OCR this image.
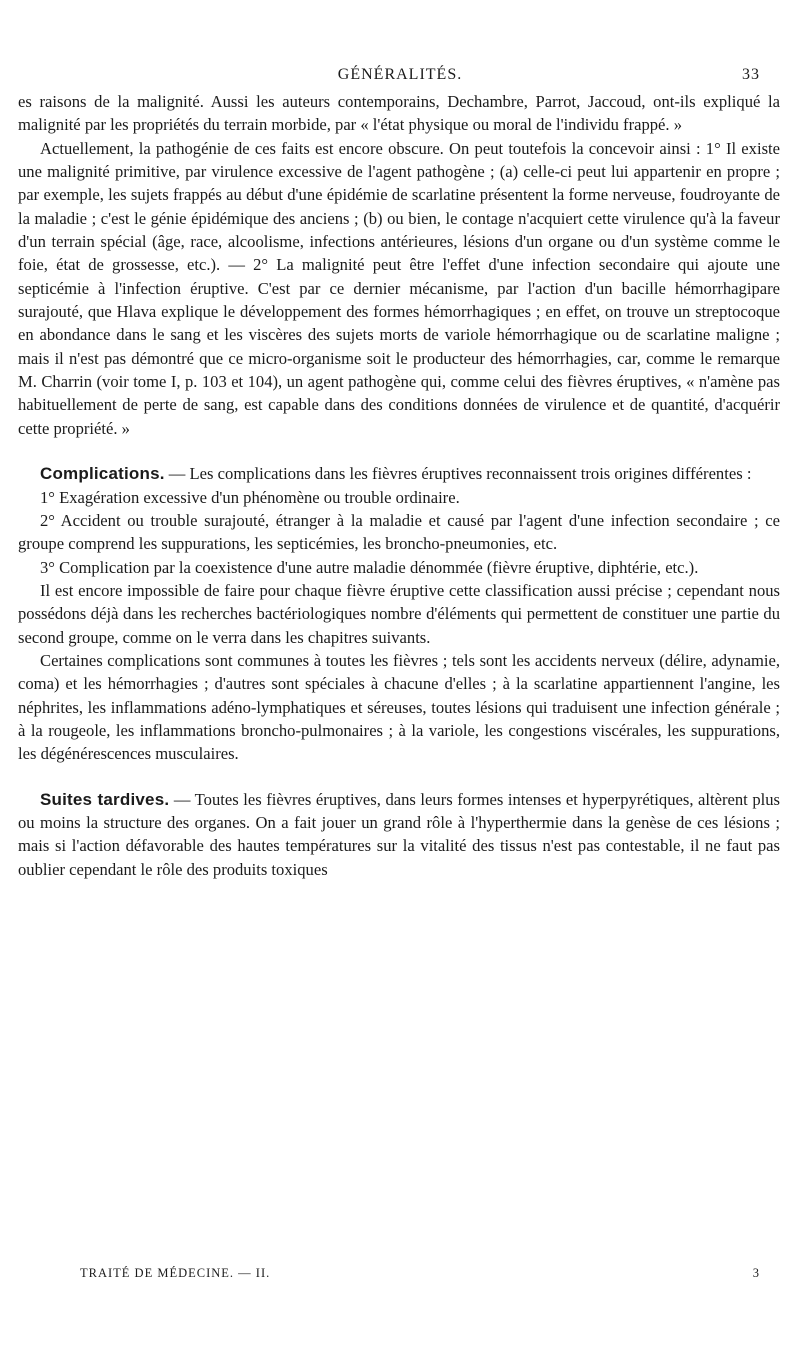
GÉNÉRALITÉS.	33

es raisons de la malignité. Aussi les auteurs contemporains, Dechambre, Parrot, Jaccoud, ont-ils expliqué la malignité par les propriétés du terrain morbide, par « l'état physique ou moral de l'individu frappé. »

Actuellement, la pathogénie de ces faits est encore obscure. On peut toutefois la concevoir ainsi : 1° Il existe une malignité primitive, par virulence excessive de l'agent pathogène ; (a) celle-ci peut lui appartenir en propre ; par exemple, les sujets frappés au début d'une épidémie de scarlatine présentent la forme nerveuse, foudroyante de la maladie ; c'est le génie épidémique des anciens ; (b) ou bien, le contage n'acquiert cette virulence qu'à la faveur d'un terrain spécial (âge, race, alcoolisme, infections antérieures, lésions d'un organe ou d'un système comme le foie, état de grossesse, etc.). — 2° La malignité peut être l'effet d'une infection secondaire qui ajoute une septicémie à l'infection éruptive. C'est par ce dernier mécanisme, par l'action d'un bacille hémorrhagipare surajouté, que Hlava explique le développement des formes hémorrhagiques ; en effet, on trouve un streptocoque en abondance dans le sang et les viscères des sujets morts de variole hémorrhagique ou de scarlatine maligne ; mais il n'est pas démontré que ce micro-organisme soit le producteur des hémorrhagies, car, comme le remarque M. Charrin (voir tome I, p. 103 et 104), un agent pathogène qui, comme celui des fièvres éruptives, « n'amène pas habituellement de perte de sang, est capable dans des conditions données de virulence et de quantité, d'acquérir cette propriété. »

Complications. — Les complications dans les fièvres éruptives reconnaissent trois origines différentes :

1° Exagération excessive d'un phénomène ou trouble ordinaire.

2° Accident ou trouble surajouté, étranger à la maladie et causé par l'agent d'une infection secondaire ; ce groupe comprend les suppurations, les septicémies, les broncho-pneumonies, etc.

3° Complication par la coexistence d'une autre maladie dénommée (fièvre éruptive, diphtérie, etc.).

Il est encore impossible de faire pour chaque fièvre éruptive cette classification aussi précise ; cependant nous possédons déjà dans les recherches bactériologiques nombre d'éléments qui permettent de constituer une partie du second groupe, comme on le verra dans les chapitres suivants.

Certaines complications sont communes à toutes les fièvres ; tels sont les accidents nerveux (délire, adynamie, coma) et les hémorrhagies ; d'autres sont spéciales à chacune d'elles ; à la scarlatine appartiennent l'angine, les néphrites, les inflammations adéno-lymphatiques et séreuses, toutes lésions qui traduisent une infection générale ; à la rougeole, les inflammations broncho-pulmonaires ; à la variole, les congestions viscérales, les suppurations, les dégénérescences musculaires.

Suites tardives. — Toutes les fièvres éruptives, dans leurs formes intenses et hyperpyrétiques, altèrent plus ou moins la structure des organes. On a fait jouer un grand rôle à l'hyperthermie dans la genèse de ces lésions ; mais si l'action défavorable des hautes températures sur la vitalité des tissus n'est pas contestable, il ne faut pas oublier cependant le rôle des produits toxiques

TRAITÉ DE MÉDECINE. — II.	3
